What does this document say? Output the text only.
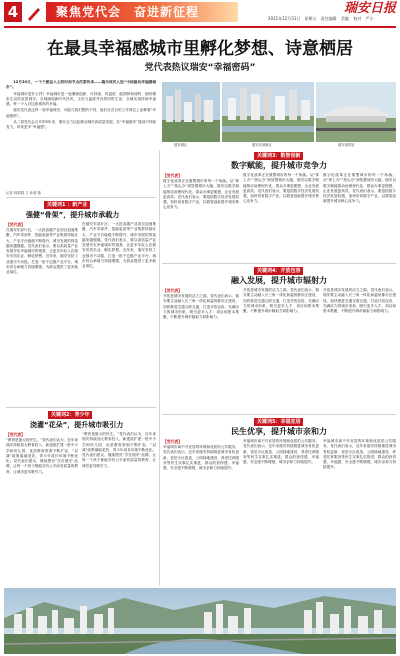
4	聚焦党代会　奋进新征程	瑞安日报
2021年12月31日　星期五 责任编辑 美编 校对 严小
在最具幸福感城市里孵化梦想、诗意栖居
党代表热议瑞安“幸福密码”

12月30日，一个个振奋人心的时间节点次第传来——瑞市再次入选“中国最具幸福感城市”。

幸福城市是什么样？幸福城市是一座兼顾创新、可持续、有温度、能圆梦和倾听、拥有精彩生活的宜居城市。全城涌现新时代民风，文化与温度并存的同时生活，全域实现持续幸福感。每一个人对这座城市的幸福。

瑞安党代表这样一座幸福城市，可能与我们想的不同，他们在各自的工作岗位上诠释着“幸福密码”。

从二届党代会召开的5年来，瑞安全力以赴推动城市高质量发展，在“幸福瑞安”建设中持续发力，带来更多“幸福感”。

记者 林莉娟 文 孙晨 摄
瑞安城区	瑞安东部新区	瑞安高铁站
关键词1 ：新产业
强健“骨架”，提升城市承载力
【党代表】
在瑞安东部片区，一大批高端产业项目加速集聚，汽车零部件、智能装备等产业集群持续壮大，产业平台能级不断提升，城市发展的骨架越来越强健。党代表们表示，要以高质量产业发展夯实幸福城市的根基，让更多年轻人在瑞安安居乐业、孵化梦想。近年来，瑞安坚持工业强市不动摇，打造一批千亿级产业平台，城市综合承载力持续增强，为群众提供了更多就业岗位。
在瑞安东部片区，一大批高端产业项目加速集聚，汽车零部件、智能装备等产业集群持续壮大，产业平台能级不断提升，城市发展的骨架越来越强健。党代表们表示，要以高质量产业发展夯实幸福城市的根基，让更多年轻人在瑞安安居乐业、孵化梦想。近年来，瑞安坚持工业强市不动摇，打造一批千亿级产业平台，城市综合承载力持续增强，为群众提供了更多就业岗位。
关键词2：青少年
浇灌“花朵”，提升城市吸引力
【党代表】
“教育是最大的民生。”党代表们认为，近年来瑞安持续加大教育投入，新建改扩建一批中小学和幼儿园，优质教育资源不断扩容，“双减”政策落地见效，青少年成长环境不断优化。党代表们建议，继续擦亮“学在瑞安”品牌，让每一个孩子都能享有公平而有质量的教育，让城市更具吸引力。
“教育是最大的民生。”党代表们认为，近年来瑞安持续加大教育投入，新建改扩建一批中小学和幼儿园，优质教育资源不断扩容，“双减”政策落地见效，青少年成长环境不断优化。党代表们建议，继续擦亮“学在瑞安”品牌，让每一个孩子都能享有公平而有质量的教育，让城市更具吸引力。
关键词3：数智创新
数字赋能，提升城市竞争力
【党代表】
数字化改革正在重塑城市的每一个角落。从“掌上办”“指尖办”到智慧城市大脑，瑞安以数字赋能推动治理现代化，群众办事更便捷，企业发展更高效。党代表们表示，要抢抓数字经济发展机遇，加快培育数字产业，以数智创新提升城市核心竞争力。
数字化改革正在重塑城市的每一个角落。从“掌上办”“指尖办”到智慧城市大脑，瑞安以数字赋能推动治理现代化，群众办事更便捷，企业发展更高效。党代表们表示，要抢抓数字经济发展机遇，加快培育数字产业，以数智创新提升城市核心竞争力。
数字化改革正在重塑城市的每一个角落。从“掌上办”“指尖办”到智慧城市大脑，瑞安以数字赋能推动治理现代化，群众办事更便捷，企业发展更高效。党代表们表示，要抢抓数字经济发展机遇，加快培育数字产业，以数智创新提升城市核心竞争力。
关键词4：开放包容
融入发展，提升城市辐射力
【党代表】
开放是城市发展的活力之源。党代表们表示，瑞安要主动融入长三角一体化和温州都市区建设，加快推进交通互联互通，打造开放包容、充满活力的城市形象，吸引更多人才、项目和资本集聚，不断提升城市辐射力和影响力。
开放是城市发展的活力之源。党代表们表示，瑞安要主动融入长三角一体化和温州都市区建设，加快推进交通互联互通，打造开放包容、充满活力的城市形象，吸引更多人才、项目和资本集聚，不断提升城市辐射力和影响力。
开放是城市发展的活力之源。党代表们表示，瑞安要主动融入长三角一体化和温州都市区建设，加快推进交通互联互通，打造开放包容、充满活力的城市形象，吸引更多人才、项目和资本集聚，不断提升城市辐射力和影响力。
关键词5：幸福宜居
民生优享，提升城市亲和力
【党代表】
幸福城市离不开宜居的环境和优质的公共服务。党代表们表示，近年来瑞安持续推进城市有机更新，老旧小区改造、公园绿地建设、养老托育服务等民生实事扎实推进，群众的获得感、幸福感、安全感不断增强，城市亲和力持续提升。
幸福城市离不开宜居的环境和优质的公共服务。党代表们表示，近年来瑞安持续推进城市有机更新，老旧小区改造、公园绿地建设、养老托育服务等民生实事扎实推进，群众的获得感、幸福感、安全感不断增强，城市亲和力持续提升。
幸福城市离不开宜居的环境和优质的公共服务。党代表们表示，近年来瑞安持续推进城市有机更新，老旧小区改造、公园绿地建设、养老托育服务等民生实事扎实推进，群众的获得感、幸福感、安全感不断增强，城市亲和力持续提升。
